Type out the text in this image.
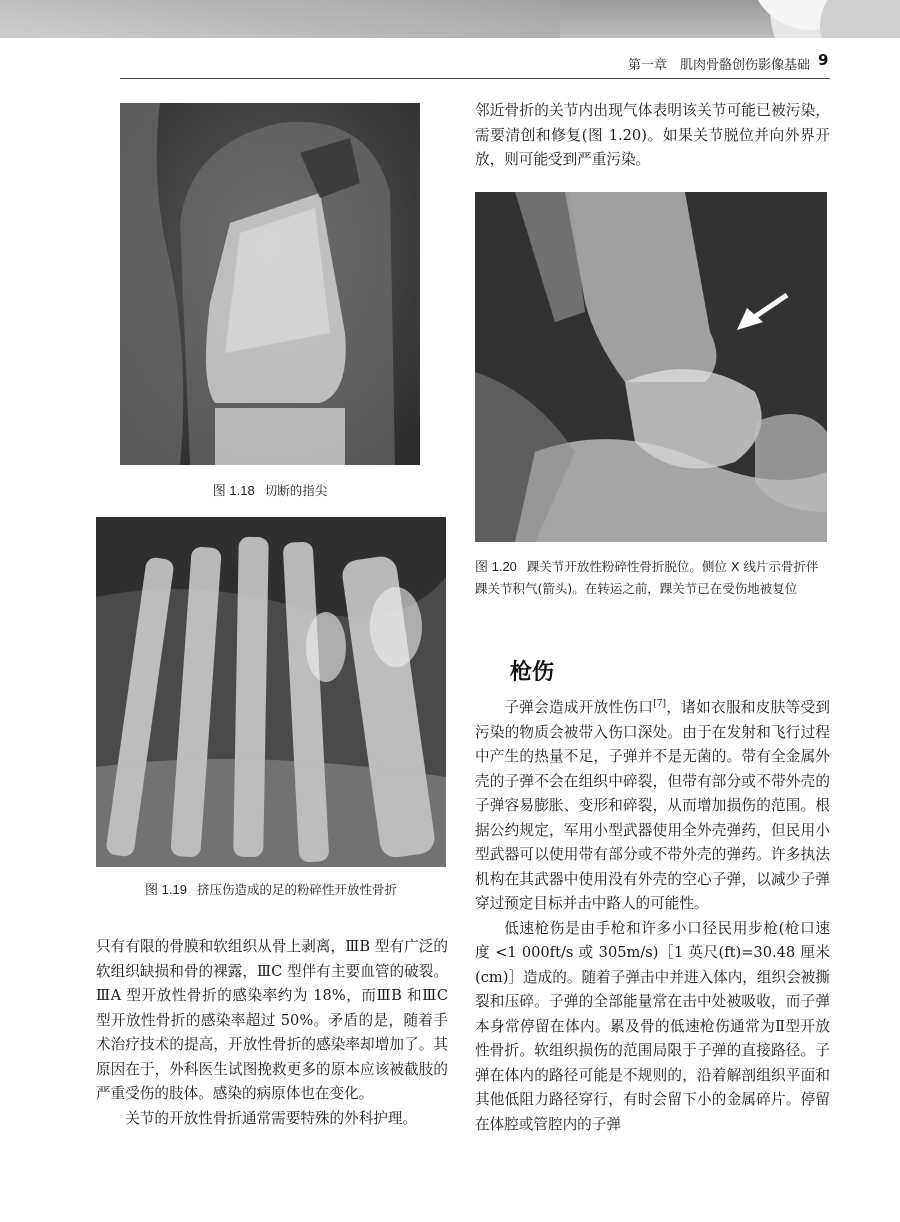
第一章　肌肉骨骼创伤影像基础 9
图 1.18 切断的指尖
图 1.19 挤压伤造成的足的粉碎性开放性骨折

邻近骨折的关节内出现气体表明该关节可能已被污染，需要清创和修复(图 1.20)。如果关节脱位并向外界开放，则可能受到严重污染。

图 1.20 踝关节开放性粉碎性骨折脱位。侧位 X 线片示骨折伴踝关节积气(箭头)。在转运之前，踝关节已在受伤地被复位
枪伤

子弹会造成开放性伤口[7]，诸如衣服和皮肤等受到污染的物质会被带入伤口深处。由于在发射和飞行过程中产生的热量不足，子弹并不是无菌的。带有全金属外壳的子弹不会在组织中碎裂，但带有部分或不带外壳的子弹容易膨胀、变形和碎裂，从而增加损伤的范围。根据公约规定，军用小型武器使用全外壳弹药，但民用小型武器可以使用带有部分或不带外壳的弹药。许多执法机构在其武器中使用没有外壳的空心子弹，以减少子弹穿过预定目标并击中路人的可能性。

低速枪伤是由手枪和许多小口径民用步枪(枪口速度 <1 000ft/s 或 305m/s)［1 英尺(ft)=30.48 厘米(cm)］造成的。随着子弹击中并进入体内，组织会被撕裂和压碎。子弹的全部能量常在击中处被吸收，而子弹本身常停留在体内。累及骨的低速枪伤通常为Ⅱ型开放性骨折。软组织损伤的范围局限于子弹的直接路径。子弹在体内的路径可能是不规则的，沿着解剖组织平面和其他低阻力路径穿行，有时会留下小的金属碎片。停留在体腔或管腔内的子弹

只有有限的骨膜和软组织从骨上剥离，ⅢB 型有广泛的软组织缺损和骨的裸露，ⅢC 型伴有主要血管的破裂。ⅢA 型开放性骨折的感染率约为 18%，而ⅢB 和ⅢC 型开放性骨折的感染率超过 50%。矛盾的是，随着手术治疗技术的提高，开放性骨折的感染率却增加了。其原因在于，外科医生试图挽救更多的原本应该被截肢的严重受伤的肢体。感染的病原体也在变化。

关节的开放性骨折通常需要特殊的外科护理。
